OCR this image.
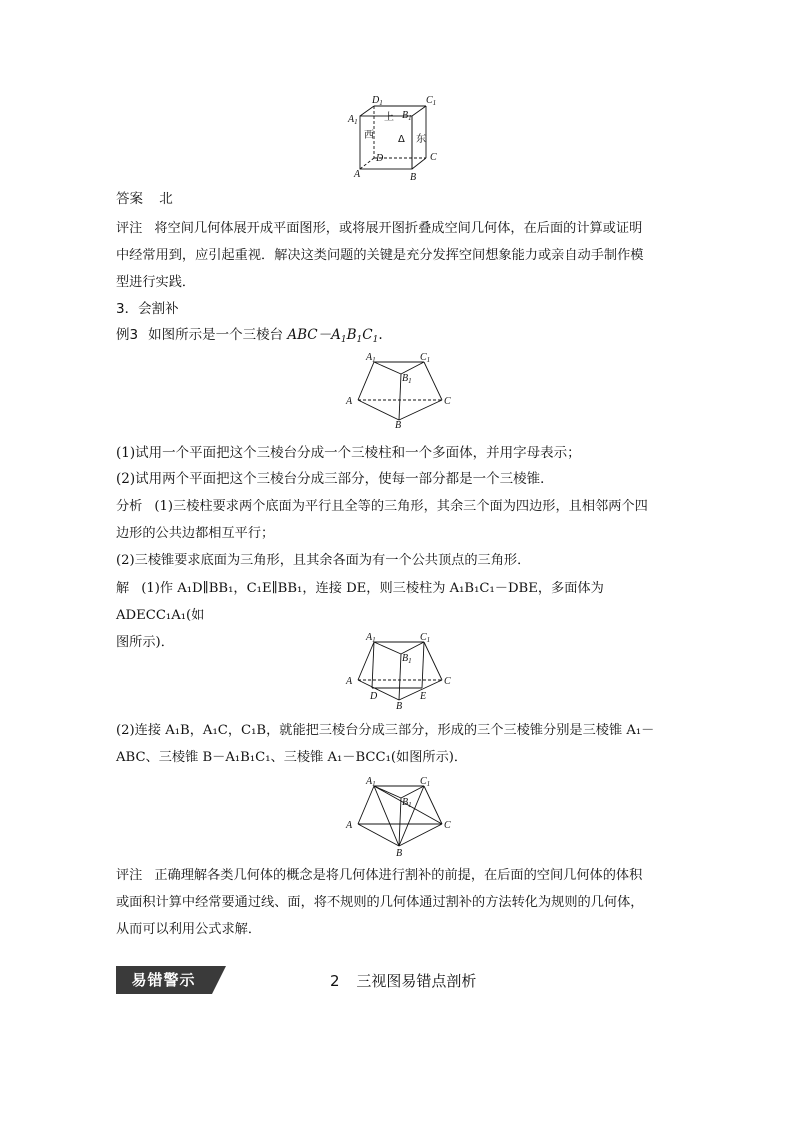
$D_1$	$C_1$
$A_1$
$B_1$
上
西	东
Δ
D	C
A	B
答案 北
评注 将空间几何体展开成平面图形，或将展开图折叠成空间几何体，在后面的计算或证明
中经常用到，应引起重视．解决这类问题的关键是充分发挥空间想象能力或亲自动手制作模
型进行实践．
3．会割补
例3 如图所示是一个三棱台 $ABC-A_1B_1C_1$.
$A_1$	$C_1$
$B_1$
A	C
B
(1)试用一个平面把这个三棱台分成一个三棱柱和一个多面体，并用字母表示；
(2)试用两个平面把这个三棱台分成三部分，使每一部分都是一个三棱锥．
分析 (1)三棱柱要求两个底面为平行且全等的三角形，其余三个面为四边形，且相邻两个四
边形的公共边都相互平行；
(2)三棱锥要求底面为三角形，且其余各面为有一个公共顶点的三角形．
解 (1)作 A₁D∥BB₁，C₁E∥BB₁，连接 DE，则三棱柱为 A₁B₁C₁－DBE，多面体为 ADECC₁A₁(如
图所示)．	$A_1$	$C_1$
$B_1$
A
D
B
E
C
(2)连接 A₁B，A₁C，C₁B，就能把三棱台分成三部分，形成的三个三棱锥分别是三棱锥 A₁－
ABC、三棱锥 B－A₁B₁C₁、三棱锥 A₁－BCC₁(如图所示)．
$A_1$	$C_1$
$B_1$
A	C
B
评注 正确理解各类几何体的概念是将几何体进行割补的前提，在后面的空间几何体的体积
或面积计算中经常要通过线、面，将不规则的几何体通过割补的方法转化为规则的几何体，
从而可以利用公式求解．
易错警示	2 三视图易错点剖析
